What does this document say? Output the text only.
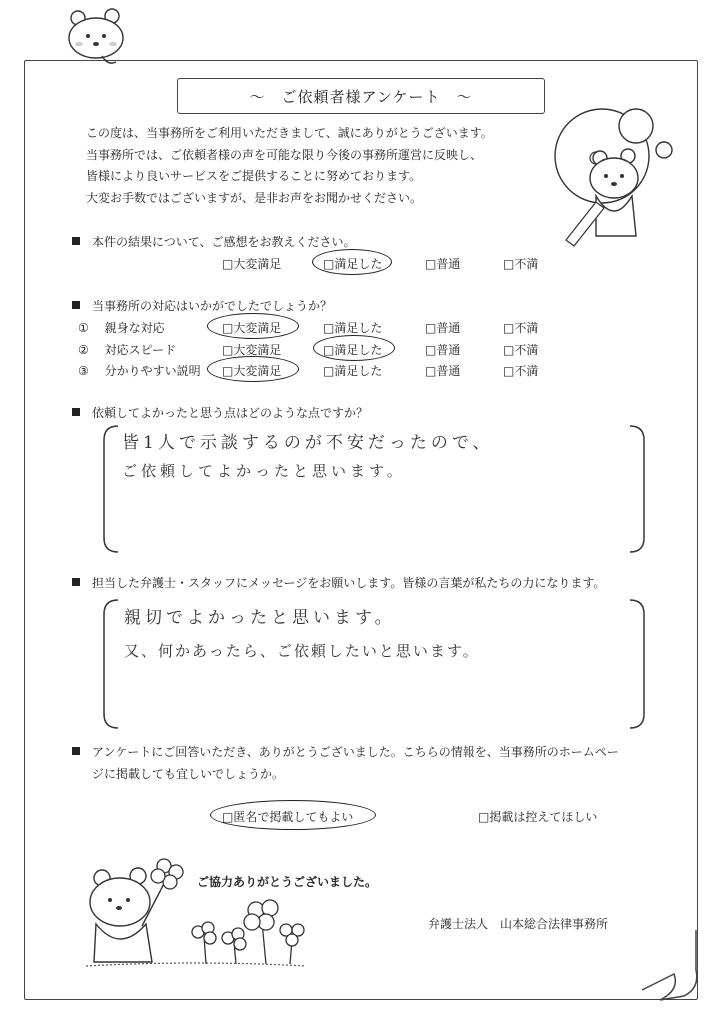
～　ご依頼者様アンケート　～
この度は、当事務所をご利用いただきまして、誠にありがとうございます。
当事務所では、ご依頼者様の声を可能な限り今後の事務所運営に反映し、
皆様により良いサービスをご提供することに努めております。
大変お手数ではございますが、是非お声をお聞かせください。
本件の結果について、ご感想をお教えください。
□大変満足	□満足した	□普通	□不満
当事務所の対応はいかがでしたでしょうか？
① 親身な対応	□大変満足	□満足した	□普通	□不満
② 対応スピード	□大変満足	□満足した	□普通	□不満
③ 分かりやすい説明 □大変満足	□満足した	□普通	□不満
依頼してよかったと思う点はどのような点ですか？
皆1人で示談するのが不安だったので、
ご依頼してよかったと思います。
担当した弁護士・スタッフにメッセージをお願いします。皆様の言葉が私たちの力になります。
親切でよかったと思います。
又、何かあったら、ご依頼したいと思います。
アンケートにご回答いただき、ありがとうございました。こちらの情報を、当事務所のホームペー
ジに掲載しても宜しいでしょうか。
□匿名で掲載してもよい	□掲載は控えてほしい
ご協力ありがとうございました。
弁護士法人　山本総合法律事務所
